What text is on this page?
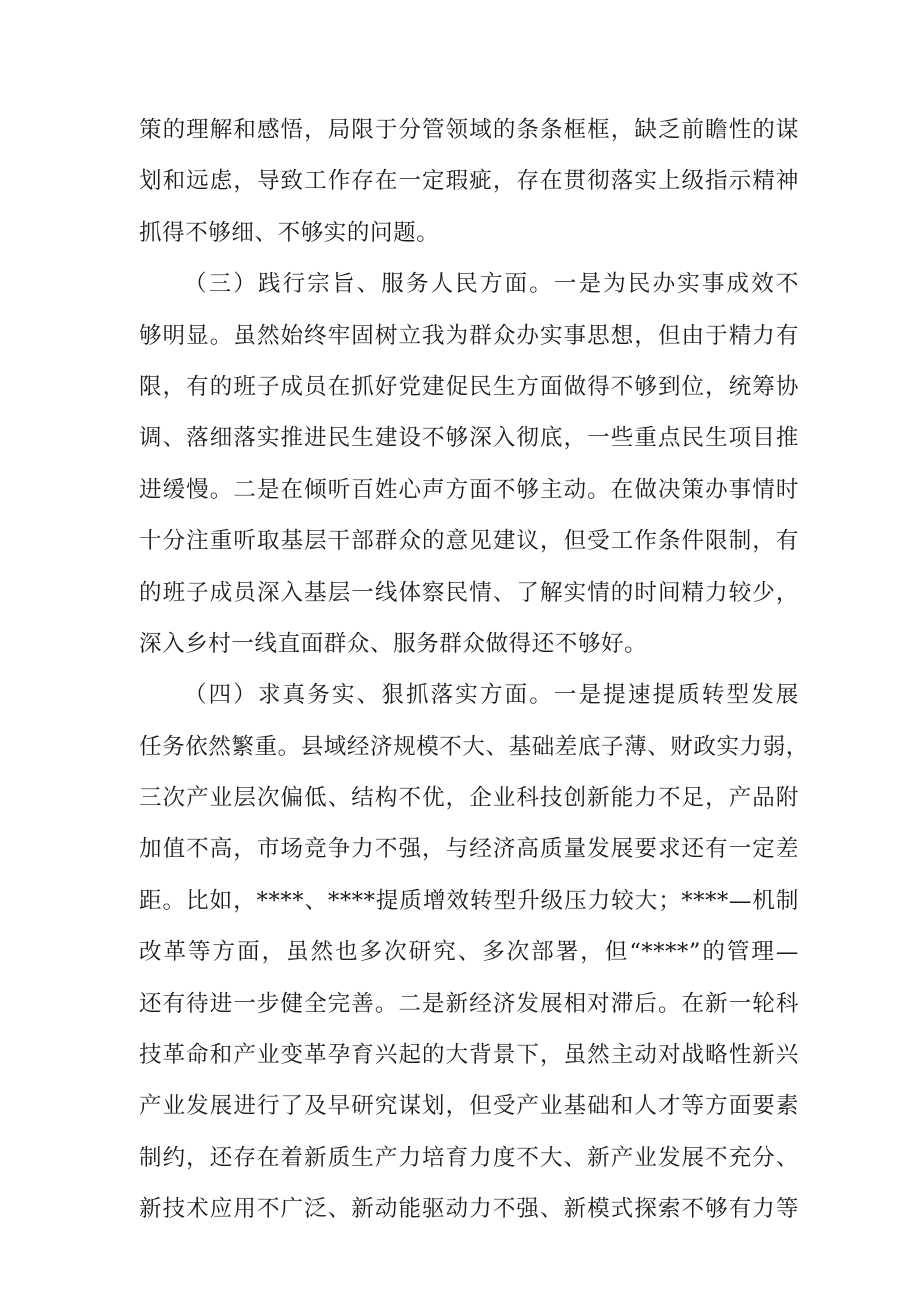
策的理解和感悟，局限于分管领域的条条框框，缺乏前瞻性的谋
划和远虑，导致工作存在一定瑕疵，存在贯彻落实上级指示精神
抓得不够细、不够实的问题。
（三）践行宗旨、服务人民方面。一是为民办实事成效不
够明显。虽然始终牢固树立我为群众办实事思想，但由于精力有
限，有的班子成员在抓好党建促民生方面做得不够到位，统筹协
调、落细落实推进民生建设不够深入彻底，一些重点民生项目推
进缓慢。二是在倾听百姓心声方面不够主动。在做决策办事情时
十分注重听取基层干部群众的意见建议，但受工作条件限制，有
的班子成员深入基层一线体察民情、了解实情的时间精力较少，
深入乡村一线直面群众、服务群众做得还不够好。
（四）求真务实、狠抓落实方面。一是提速提质转型发展
任务依然繁重。县域经济规模不大、基础差底子薄、财政实力弱，
三次产业层次偏低、结构不优，企业科技创新能力不足，产品附
加值不高，市场竞争力不强，与经济高质量发展要求还有一定差
距。比如，****、****提质增效转型升级压力较大；****—机制
改革等方面，虽然也多次研究、多次部署，但“****”的管理—
还有待进一步健全完善。二是新经济发展相对滞后。在新一轮科
技革命和产业变革孕育兴起的大背景下，虽然主动对战略性新兴
产业发展进行了及早研究谋划，但受产业基础和人才等方面要素
制约，还存在着新质生产力培育力度不大、新产业发展不充分、
新技术应用不广泛、新动能驱动力不强、新模式探索不够有力等
